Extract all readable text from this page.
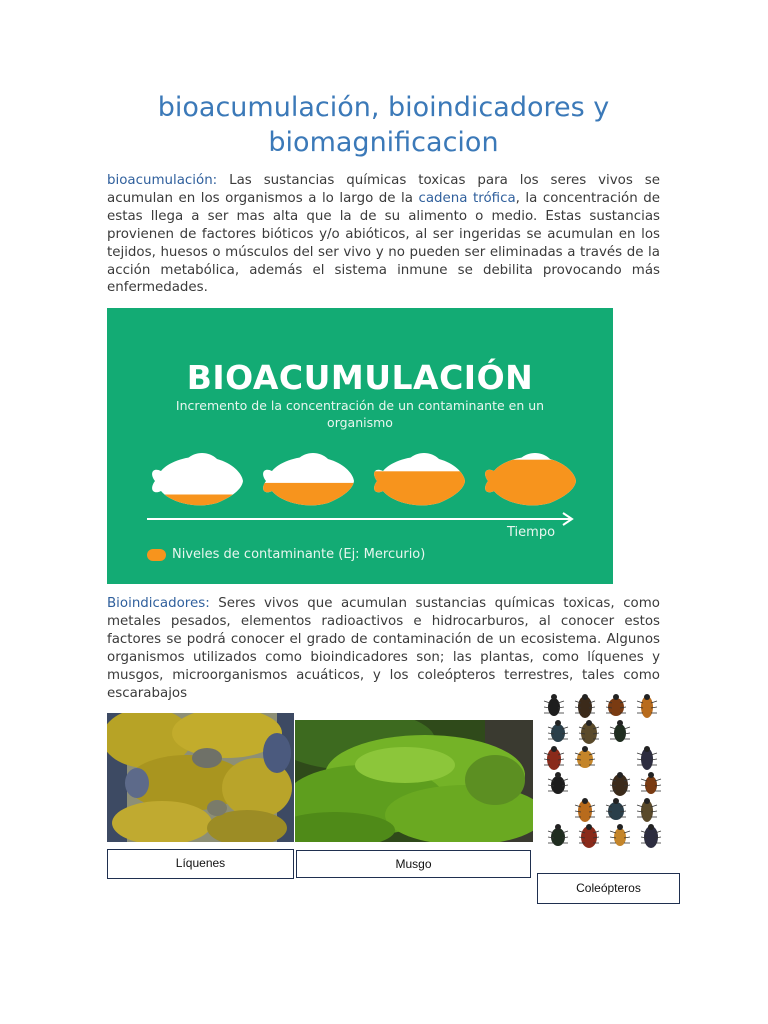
bioacumulación, bioindicadores y biomagnificacion

bioacumulación: Las sustancias químicas toxicas para los seres vivos se acumulan en los organismos a lo largo de la cadena trófica, la concentración de estas llega a ser mas alta que la de su alimento o medio. Estas sustancias provienen de factores bióticos y/o abióticos, al ser ingeridas se acumulan en los tejidos, huesos o músculos del ser vivo y no pueden ser eliminadas a través de la acción metabólica, además el sistema inmune se debilita provocando más enfermedades.

BIOACUMULACIÓN
Incremento de la concentración de un contaminante en un organismo
Tiempo
Niveles de contaminante (Ej: Mercurio)

Bioindicadores: Seres vivos que acumulan sustancias químicas toxicas, como metales pesados, elementos radioactivos e hidrocarburos, al conocer estos factores se podrá conocer el grado de contaminación de un ecosistema. Algunos organismos utilizados como bioindicadores son; las plantas, como líquenes y musgos, microorganismos acuáticos, y los coleópteros terrestres, tales como escarabajos

Líquenes	Musgo
Coleópteros
